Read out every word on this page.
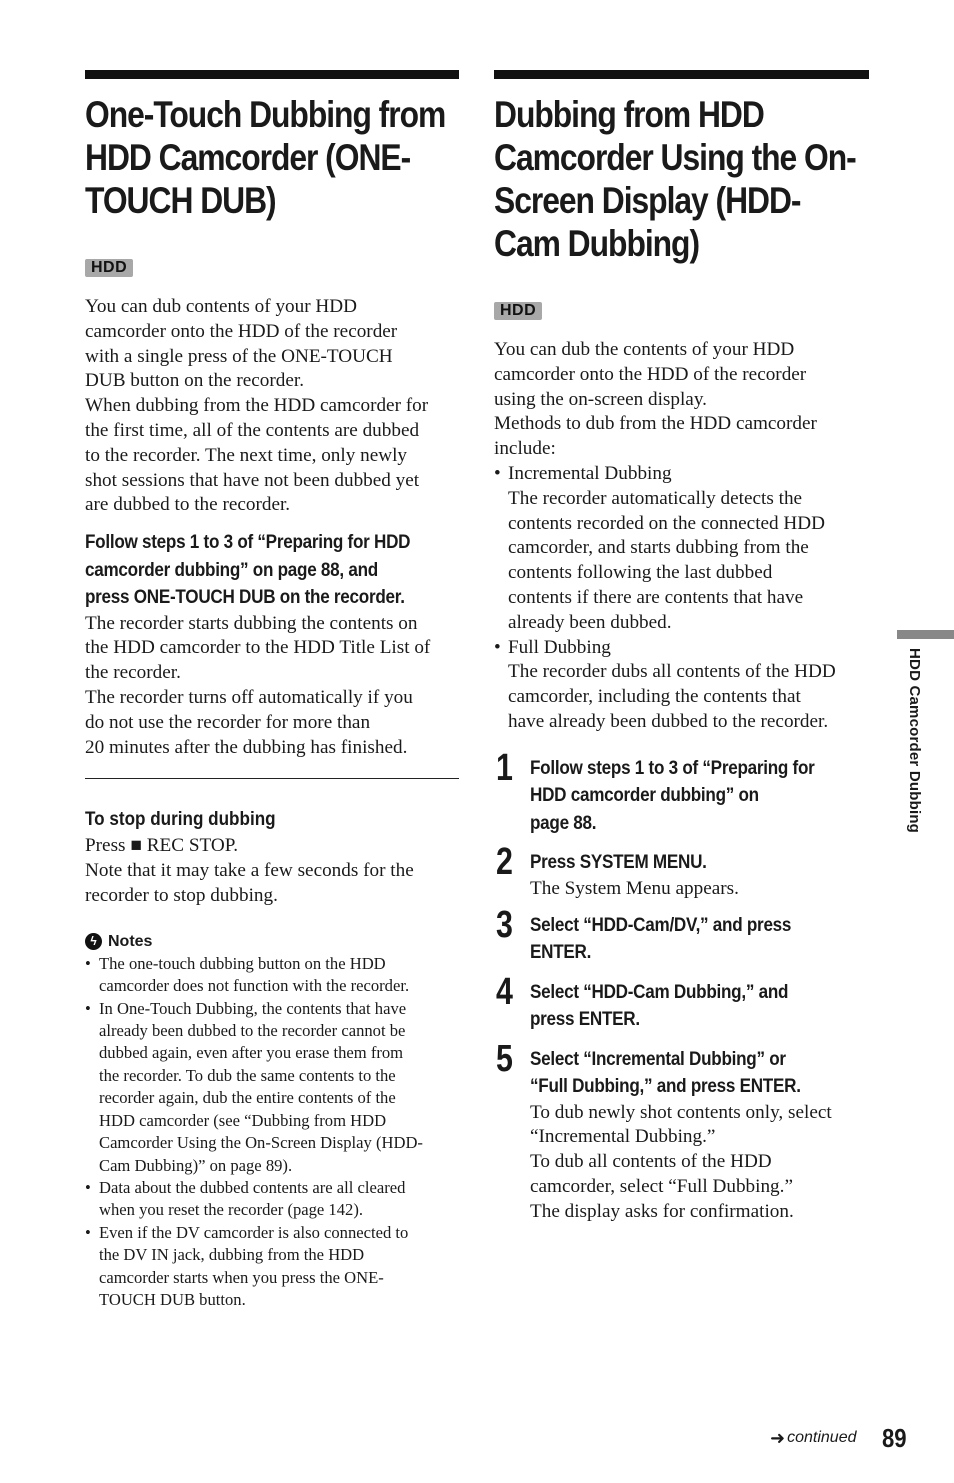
One-Touch Dubbing from
HDD Camcorder (ONE-
TOUCH DUB)
HDD

You can dub contents of your HDD
camcorder onto the HDD of the recorder
with a single press of the ONE-TOUCH
DUB button on the recorder.
When dubbing from the HDD camcorder for
the first time, all of the contents are dubbed
to the recorder. The next time, only newly
shot sessions that have not been dubbed yet
are dubbed to the recorder.

Follow steps 1 to 3 of “Preparing for HDD
camcorder dubbing” on page 88, and
press ONE-TOUCH DUB on the recorder.

The recorder starts dubbing the contents on
the HDD camcorder to the HDD Title List of
the recorder.
The recorder turns off automatically if you
do not use the recorder for more than
20 minutes after the dubbing has finished.

To stop during dubbing

Press ■ REC STOP.
Note that it may take a few seconds for the
recorder to stop dubbing.

ϟ Notes
• The one-touch dubbing button on the HDD
camcorder does not function with the recorder.
• In One-Touch Dubbing, the contents that have
already been dubbed to the recorder cannot be
dubbed again, even after you erase them from
the recorder. To dub the same contents to the
recorder again, dub the entire contents of the
HDD camcorder (see “Dubbing from HDD
Camcorder Using the On-Screen Display (HDD-
Cam Dubbing)” on page 89).
• Data about the dubbed contents are all cleared
when you reset the recorder (page 142).
• Even if the DV camcorder is also connected to
the DV IN jack, dubbing from the HDD
camcorder starts when you press the ONE-
TOUCH DUB button.
Dubbing from HDD
Camcorder Using the On-
Screen Display (HDD-
Cam Dubbing)
HDD

You can dub the contents of your HDD
camcorder onto the HDD of the recorder
using the on-screen display.
Methods to dub from the HDD camcorder
include:

• Incremental Dubbing
The recorder automatically detects the
contents recorded on the connected HDD
camcorder, and starts dubbing from the
contents following the last dubbed
contents if there are contents that have
already been dubbed.

• Full Dubbing
The recorder dubs all contents of the HDD
camcorder, including the contents that
have already been dubbed to the recorder.

1 Follow steps 1 to 3 of “Preparing for
HDD camcorder dubbing” on
page 88.
2 Press SYSTEM MENU.

The System Menu appears.

3 Select “HDD-Cam/DV,” and press
ENTER.
4 Select “HDD-Cam Dubbing,” and
press ENTER.
5 Select “Incremental Dubbing” or
“Full Dubbing,” and press ENTER.

To dub newly shot contents only, select
“Incremental Dubbing.”
To dub all contents of the HDD
camcorder, select “Full Dubbing.”
The display asks for confirmation.

HDD Camcorder Dubbing
➜ continued 89
